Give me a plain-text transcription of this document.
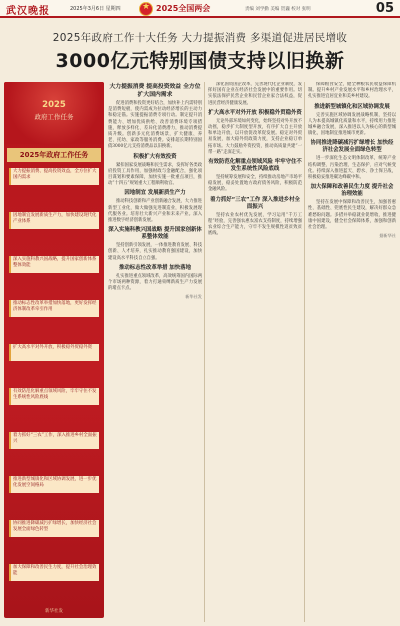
武汉晚报	2025年3月6日 星期四
★	2025全国两会	责编 刘学勤 美编 贺巍 校对 张明	05
2025年政府工作十大任务 大力提振消费 多渠道促进居民增收
3000亿元特别国债支持以旧换新
2025
政府工作任务
2025年政府工作任务
大力提振消费、提高投资效益，全方位扩大国内需求
因地制宜发展新质生产力，加快建设现代化产业体系
深入实施科教兴国战略，提升国家创新体系整体效能
推动标志性改革举措加快落地，更好发挥经济体制改革牵引作用
扩大高水平对外开放，积极稳外贸稳外资
有效防范化解重点领域风险，牢牢守住不发生系统性风险底线
着力抓好“三农”工作，深入推进乡村全面振兴
推进新型城镇化和区域协调发展，进一步优化发展空间格局
协同推进降碳减污扩绿增长，加快经济社会发展全面绿色转型
加大保障和改善民生力度，提升社会治理效能
新华社发
大力提振消费 提高投资效益 全方位扩大国内需求

促进消费和投资更好结合，加快补上内需特别是消费短板，使内需成为拉动经济增长的主动力和稳定锚。实施提振消费专项行动。制定提升消费能力、增加优质供给、改善消费环境专项措施，释放多样化、差异化消费潜力，推动消费提质升级。创新多元化消费场景，扩大健康、养老、托幼、家政等服务消费。安排超长期特别国债3000亿元支持消费品以旧换新。

积极扩大有效投资

紧扣国家发展战略和民生需求，发挥好各类政府投资工具作用，加强财政与金融配合，强化项目谋划和要素保障，加快实施一批重点项目，推动“十四五”规划重大工程顺利收官。

因地制宜 发展新质生产力

推动科技创新和产业创新融合发展，大力推进新型工业化，做大做强先进制造业，积极发展现代服务业。培育壮大新兴产业和未来产业。深入推进数字经济创新发展。

深入实施科教兴国战略 提升国家创新体系整体效能

坚持创新引领发展，一体推进教育发展、科技创新、人才培养，扎实推动教育强国建设，加快建设高水平科技自立自强。

推动标志性改革举措 加快落地

扎实推进重点领域改革，高效统筹国内国际两个市场两种资源，着力打通束缚新质生产力发展的堵点卡点。

新华社发

深化国资国企改革，完善现代化企业制度，发挥好国有企业在经济社会发展中的重要作用。切实依法保护民营企业和民营企业家合法权益，促进民营经济健康发展。

扩大高水平对外开放 积极稳外贸稳外资

无论外部环境如何变化，始终坚持对外开放不动摇，稳步扩大制度型开放，有序扩大自主开放和单边开放，以开放促改革促发展。稳定对外贸易发展，加大稳外贸政策力度，支持企业稳订单拓市场。大力鼓励外资投资，推动高质量共建“一带一路”走深走实。

有效防范化解重点领域风险 牢牢守住不发生系统性风险底线

坚持统筹发展和安全，持续推动房地产市场平稳发展，稳妥处置地方政府债务风险，积极防范金融风险。

着力抓好“三农”工作 深入推进乡村全面振兴

坚持农业农村优先发展，学习运用“千万工程”经验，完善强农惠农富农支持制度，持续增强农业综合生产能力，守牢不发生规模性返贫致贫底线。

保障粮食安全，健全种粮农民收益保障机制。提升乡村产业发展水平和乡村治理水平，扎实推进宜居宜业和美乡村建设。

推进新型城镇化和区域协调发展

完善实施区域协调发展战略机制，坚持以人为本提高城镇化质量和水平，持续用力推进城乡融合发展，深入推进以人为核心的新型城镇化，因地制宜推进城市更新。

协同推进降碳减污扩绿增长 加快经济社会发展全面绿色转型

进一步深化生态文明体制改革，统筹产业结构调整、污染治理、生态保护、应对气候变化。持续深入推进蓝天、碧水、净土保卫战，积极稳妥推进碳达峰碳中和。

加大保障和改善民生力度 提升社会治理效能

坚持在发展中保障和改善民生，加强普惠性、基础性、兜底性民生建设，解决好群众急难愁盼问题。多措并举稳就业促增收，推进健康中国建设，健全社会保障体系，加强和创新社会治理。

据新华社
